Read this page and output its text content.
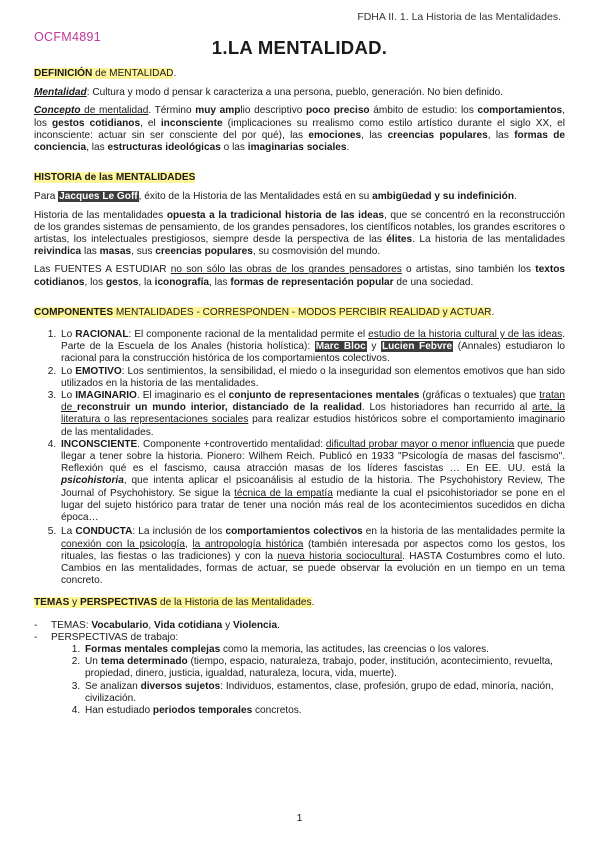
FDHA II. 1. La Historia de las Mentalidades.
OCFM4891	1.LA MENTALIDAD.

DEFINICIÓN de MENTALIDAD.

Mentalidad: Cultura y modo d pensar k caracteriza a una persona, pueblo, generación. No bien definido.

Concepto de mentalidad. Término muy amplio descriptivo poco preciso ámbito de estudio: los comportamientos, los gestos cotidianos, el inconsciente (implicaciones su rrealismo como estilo artístico durante el siglo XX, el inconsciente: actuar sin ser consciente del por qué), las emociones, las creencias populares, las formas de conciencia, las estructuras ideológicas o las imaginarias sociales.

HISTORIA de las MENTALIDADES

Para Jacques Le Goff, éxito de la Historia de las Mentalidades está en su ambigüedad y su indefinición.

Historia de las mentalidades opuesta a la tradicional historia de las ideas, que se concentró en la reconstrucción de los grandes sistemas de pensamiento, de los grandes pensadores, los científicos notables, los grandes escritores o artistas, los intelectuales prestigiosos, siempre desde la perspectiva de las élites. La historia de las mentalidades reivindica las masas, sus creencias populares, su cosmovisión del mundo.

Las FUENTES A ESTUDIAR no son sólo las obras de los grandes pensadores o artistas, sino también los textos cotidianos, los gestos, la iconografía, las formas de representación popular de una sociedad.

COMPONENTES MENTALIDADES - CORRESPONDEN - MODOS PERCIBIR REALIDAD y ACTUAR.

1. Lo RACIONAL: El componente racional de la mentalidad permite el estudio de la historia cultural y de las ideas. Parte de la Escuela de los Anales (historia holística): Marc Bloc y Lucien Febvre (Annales) estudiaron lo racional para la construcción histórica de los comportamientos colectivos.
2. Lo EMOTIVO: Los sentimientos, la sensibilidad, el miedo o la inseguridad son elementos emotivos que han sido utilizados en la historia de las mentalidades.
3. Lo IMAGINARIO. El imaginario es el conjunto de representaciones mentales (gráficas o textuales) que tratan de reconstruir un mundo interior, distanciado de la realidad. Los historiadores han recurrido al arte, la literatura o las representaciones sociales para realizar estudios históricos sobre el comportamiento imaginario de las mentalidades.
4. INCONSCIENTE. Componente +controvertido mentalidad: dificultad probar mayor o menor influencia que puede llegar a tener sobre la historia. Pionero: Wilhem Reich. Publicó en 1933 "Psicología de masas del fascismo". Reflexión qué es el fascismo, causa atracción masas de los líderes fascistas … En EE. UU. está la psicohistoria, que intenta aplicar el psicoanálisis al estudio de la historia. The Psychohistory Review, The Journal of Psychohistory. Se sigue la técnica de la empatía mediante la cual el psicohistoriador se pone en el lugar del sujeto histórico para tratar de tener una noción más real de los acontecimientos sucedidos en dicha época…
5. La CONDUCTA: La inclusión de los comportamientos colectivos en la historia de las mentalidades permite la conexión con la psicología, la antropología histórica (también interesada por aspectos como los gestos, los rituales, las fiestas o las tradiciones) y con la nueva historia sociocultural. HASTA Costumbres como el luto. Cambios en las mentalidades, formas de actuar, se puede observar la evolución en un tiempo en un tema concreto.

TEMAS y PERSPECTIVAS de la Historia de las Mentalidades.

- TEMAS: Vocabulario, Vida cotidiana y Violencia.
- PERSPECTIVAS de trabajo:
1. Formas mentales complejas como la memoria, las actitudes, las creencias o los valores.
2. Un tema determinado (tiempo, espacio, naturaleza, trabajo, poder, institución, acontecimiento, revuelta, propiedad, dinero, justicia, igualdad, naturaleza, locura, vida, muerte).
3. Se analizan diversos sujetos: Individuos, estamentos, clase, profesión, grupo de edad, minoría, nación, civilización.
4. Han estudiado periodos temporales concretos.
1
